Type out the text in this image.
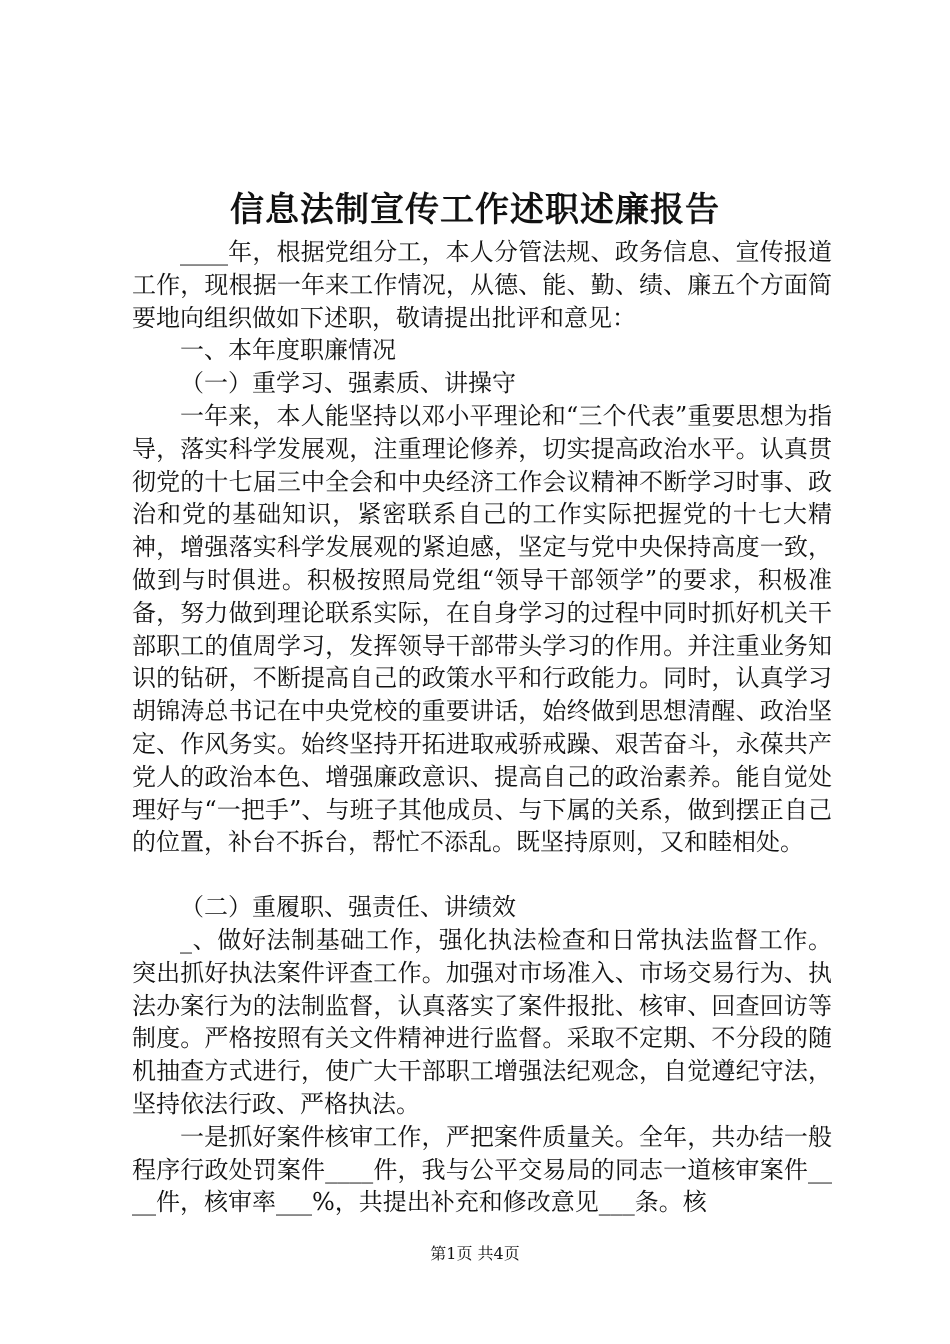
信息法制宣传工作述职述廉报告

____年，根据党组分工，本人分管法规、政务信息、宣传报道工作，现根据一年来工作情况，从德、能、勤、绩、廉五个方面简要地向组织做如下述职，敬请提出批评和意见：

一、本年度职廉情况

（一）重学习、强素质、讲操守

一年来，本人能坚持以邓小平理论和“三个代表”重要思想为指导，落实科学发展观，注重理论修养，切实提高政治水平。认真贯彻党的十七届三中全会和中央经济工作会议精神不断学习时事、政治和党的基础知识，紧密联系自己的工作实际把握党的十七大精神，增强落实科学发展观的紧迫感，坚定与党中央保持高度一致，做到与时俱进。积极按照局党组“领导干部领学”的要求，积极准备，努力做到理论联系实际，在自身学习的过程中同时抓好机关干部职工的值周学习，发挥领导干部带头学习的作用。并注重业务知识的钻研，不断提高自己的政策水平和行政能力。同时，认真学习胡锦涛总书记在中央党校的重要讲话，始终做到思想清醒、政治坚定、作风务实。始终坚持开拓进取戒骄戒躁、艰苦奋斗，永葆共产党人的政治本色、增强廉政意识、提高自己的政治素养。能自觉处理好与“一把手”、与班子其他成员、与下属的关系，做到摆正自己的位置，补台不拆台，帮忙不添乱。既坚持原则，又和睦相处。

（二）重履职、强责任、讲绩效

_、做好法制基础工作，强化执法检查和日常执法监督工作。突出抓好执法案件评查工作。加强对市场准入、市场交易行为、执法办案行为的法制监督，认真落实了案件报批、核审、回查回访等制度。严格按照有关文件精神进行监督。采取不定期、不分段的随机抽查方式进行，使广大干部职工增强法纪观念，自觉遵纪守法，坚持依法行政、严格执法。

一是抓好案件核审工作，严把案件质量关。全年，共办结一般程序行政处罚案件____件，我与公平交易局的同志一道核审案件____件，核审率___%，共提出补充和修改意见___条。核

第1页 共4页
